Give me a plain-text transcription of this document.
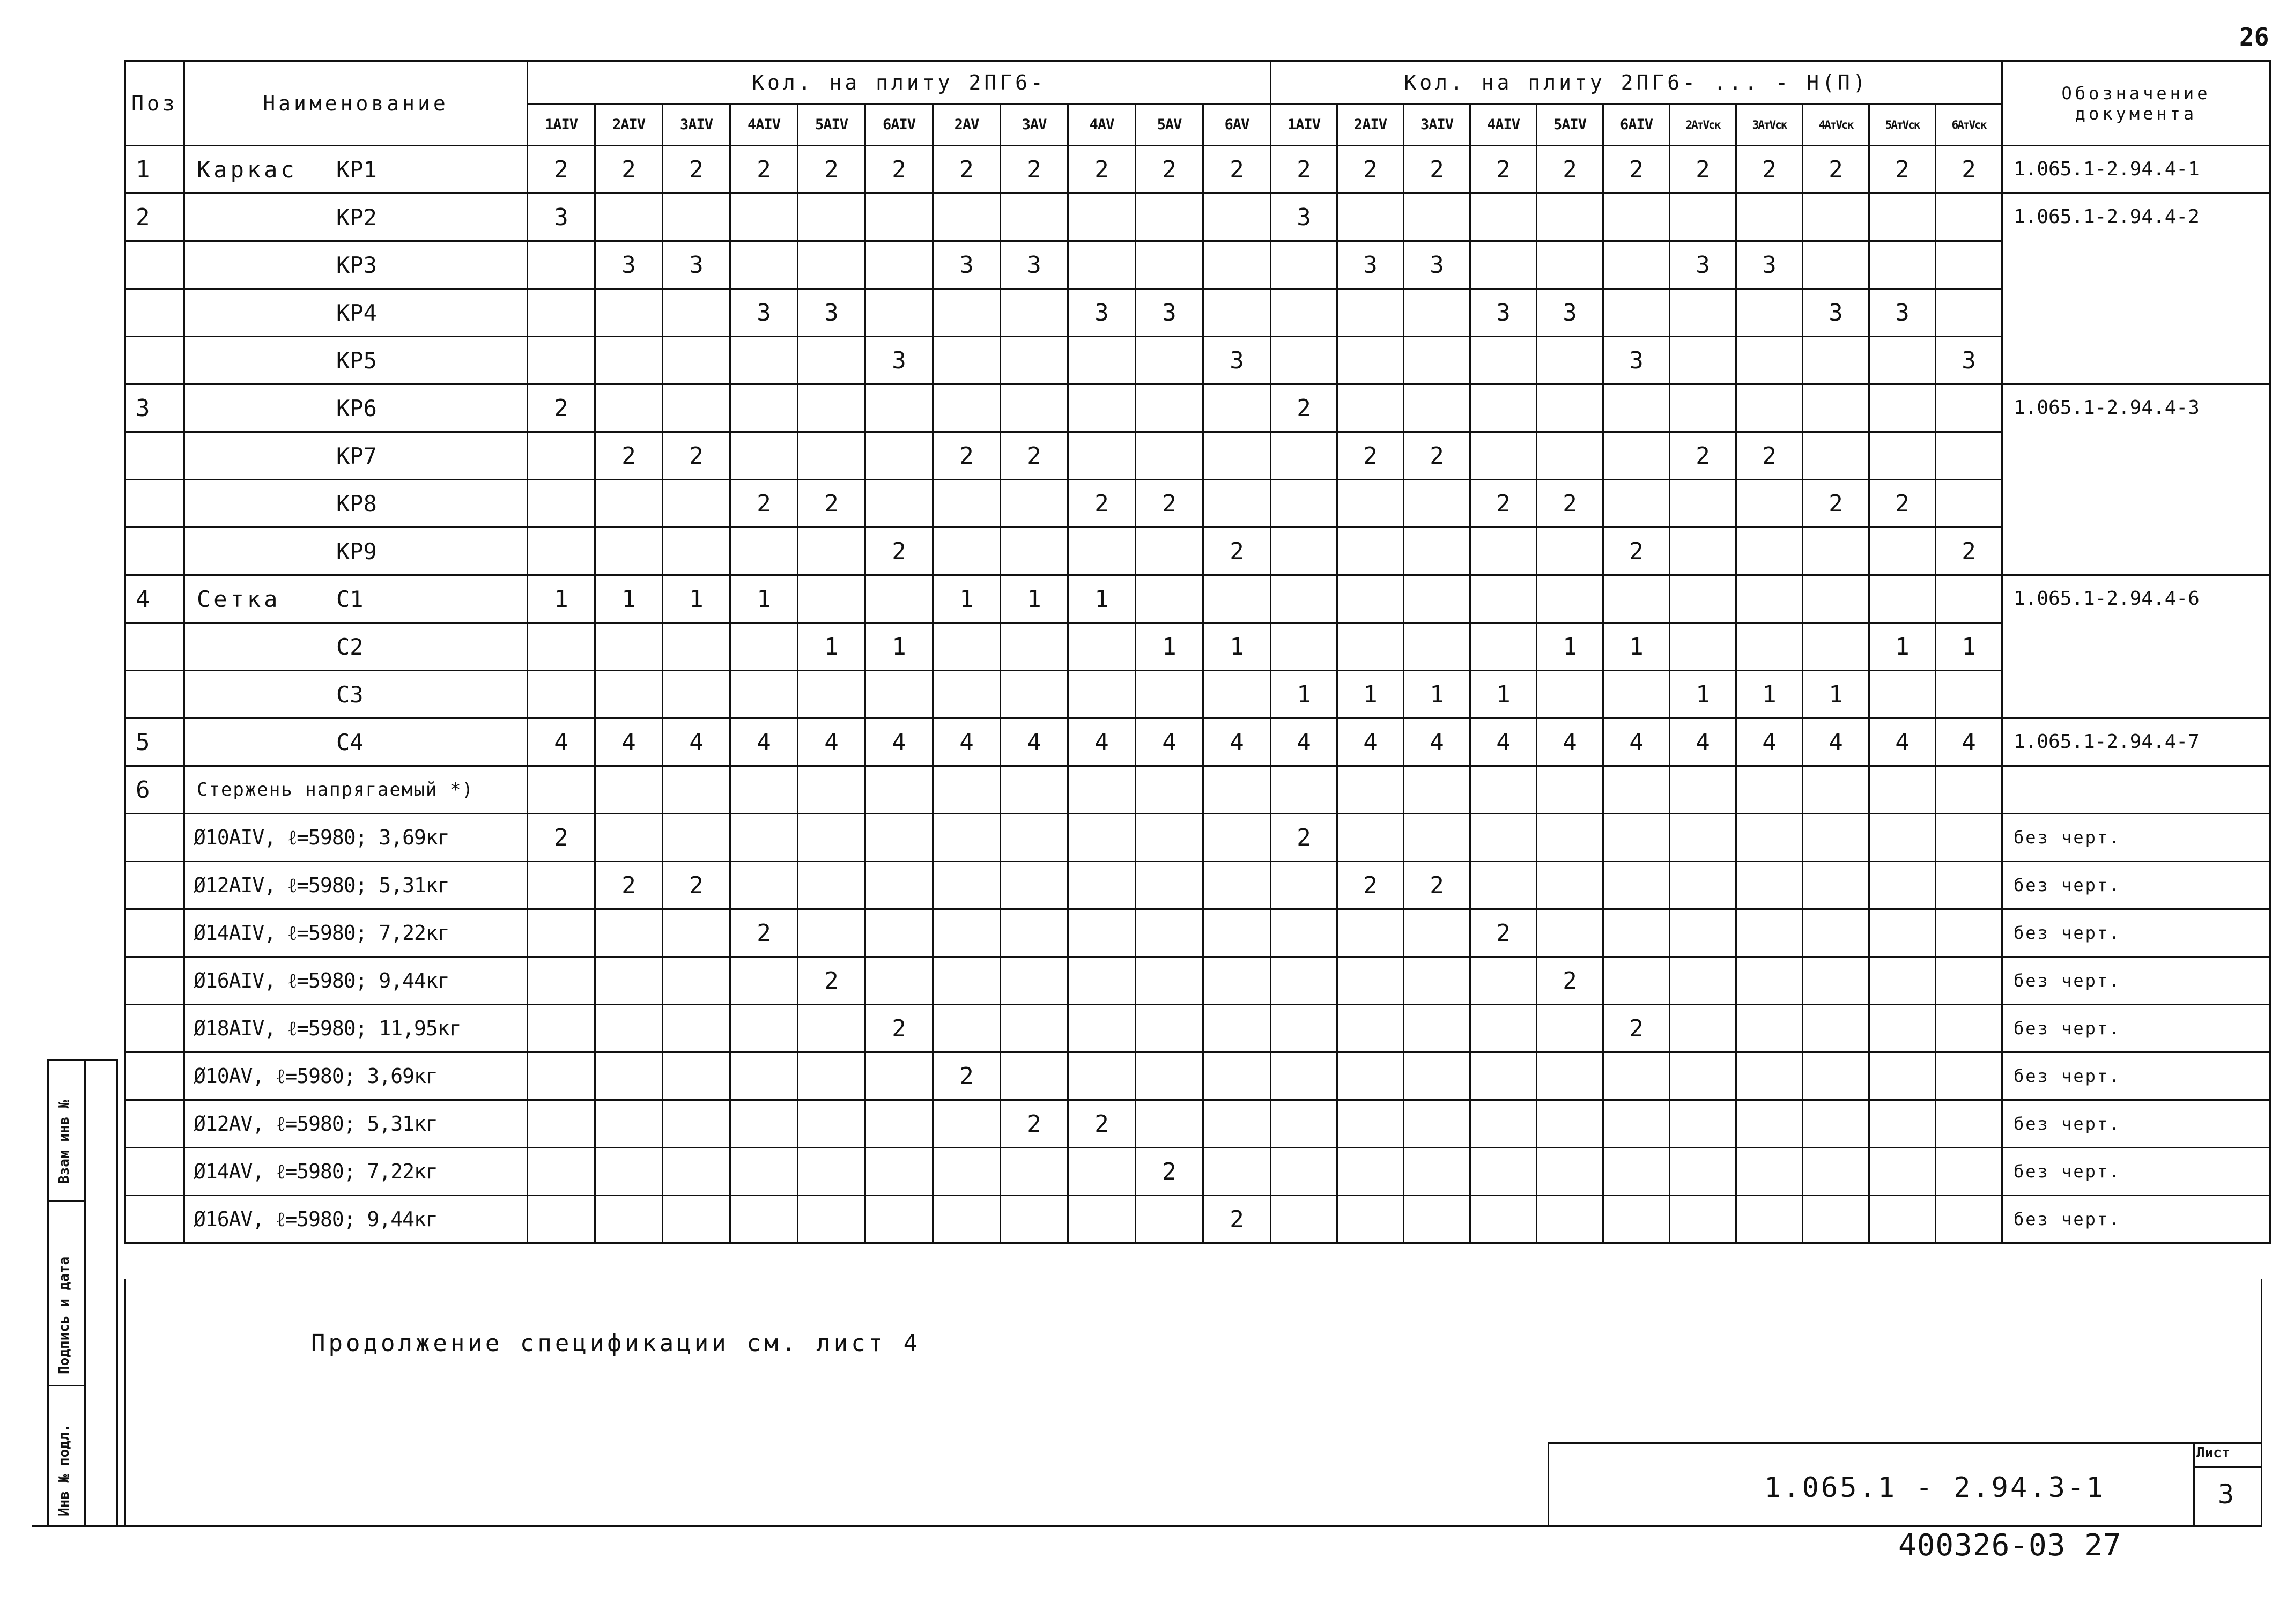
26
Поз	Наименование	Кол. на плиту 2ПГ6-											Кол. на плиту 2ПГ6- ... - Н(П)											Обозначение документа
		1AIV	2AIV	3AIV	4AIV	5AIV	6AIV	2AV	3AV	4AV	5AV	6AV	1AIV	2AIV	3AIV	4AIV	5AIV	6AIV	2AтVск	3AтVск	4AтVск	5AтVск	6AтVск	
1	Каркас КР1	2	2	2	2	2	2	2	2	2	2	2	2	2	2	2	2	2	2	2	2	2	2	1.065.1-2.94.4-1
2	КР2	3											3											1.065.1-2.94.4-2
	КР3		3	3				3	3					3	3				3	3				
	КР4				3	3				3	3					3	3				3	3		
	КР5						3					3						3					3	
3	КР6	2											2											1.065.1-2.94.4-3
	КР7		2	2				2	2					2	2				2	2				
	КР8				2	2				2	2					2	2				2	2		
	КР9						2					2						2					2	
4	Сетка С1	1	1	1	1			1	1	1														1.065.1-2.94.4-6
	С2					1	1				1	1					1	1				1	1	
	С3												1	1	1	1			1	1	1			
5	С4	4	4	4	4	4	4	4	4	4	4	4	4	4	4	4	4	4	4	4	4	4	4	1.065.1-2.94.4-7
6	Стержень напрягаемый *)																							
	Ø10AIV, ℓ=5980; 3,69кг	2											2											без черт.
	Ø12AIV, ℓ=5980; 5,31кг		2	2										2	2									без черт.
	Ø14AIV, ℓ=5980; 7,22кг				2											2								без черт.
	Ø16AIV, ℓ=5980; 9,44кг					2											2							без черт.
	Ø18AIV, ℓ=5980; 11,95кг						2											2						без черт.
	Ø10AV, ℓ=5980; 3,69кг							2																без черт.
	Ø12AV, ℓ=5980; 5,31кг								2	2														без черт.
	Ø14AV, ℓ=5980; 7,22кг										2													без черт.
	Ø16AV, ℓ=5980; 9,44кг											2												без черт.
Продолжение спецификации см. лист 4
Взам инв №
Подпись и дата
Инв № подл.	1.065.1 - 2.94.3-1
Лист
3
400326-03 27
